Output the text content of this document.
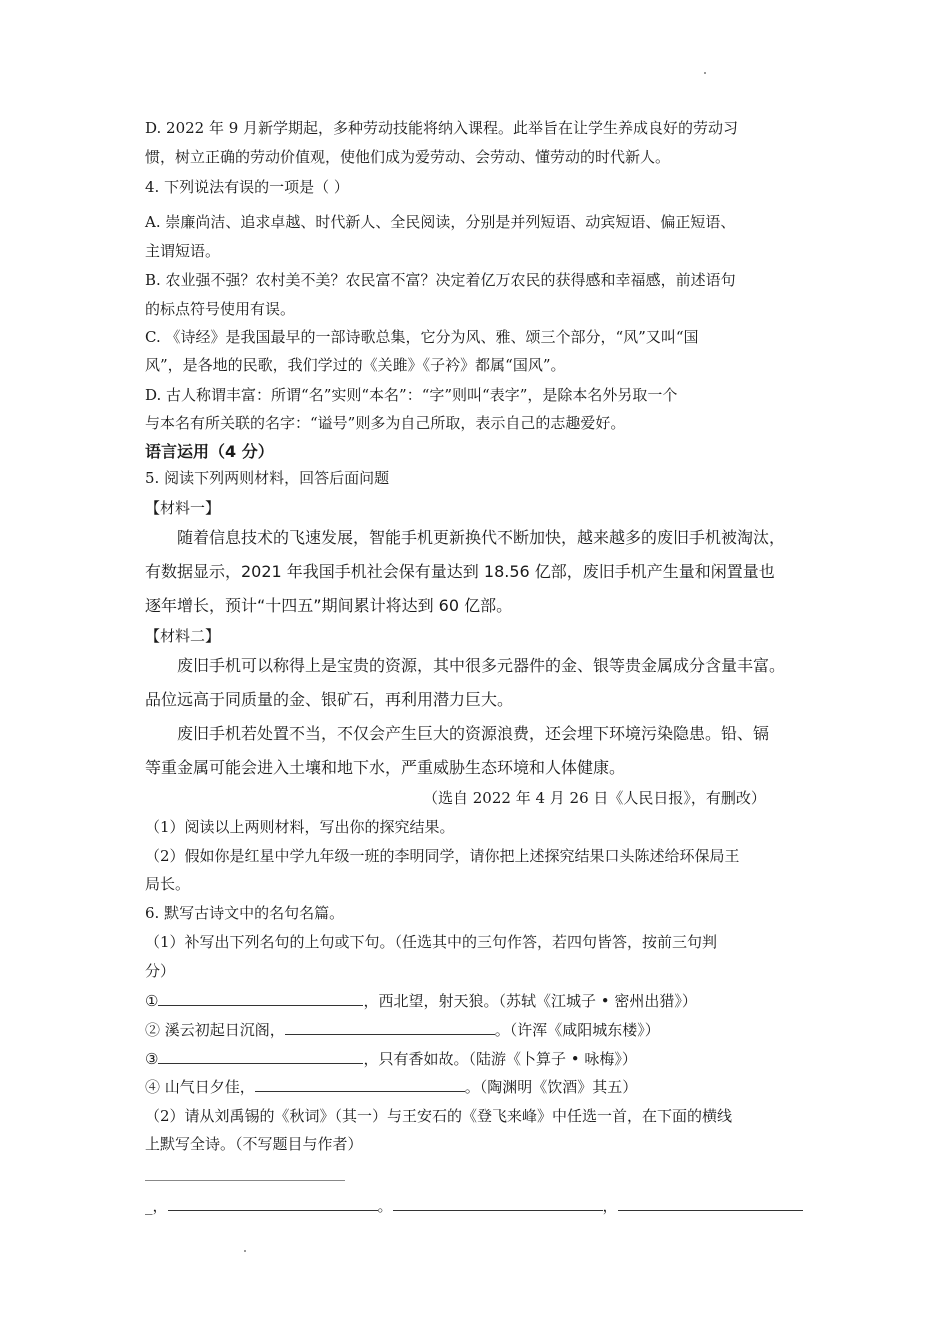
D. 2022 年 9 月新学期起，多种劳动技能将纳入课程。此举旨在让学生养成良好的劳动习
惯，树立正确的劳动价值观，使他们成为爱劳动、会劳动、懂劳动的时代新人。
4. 下列说法有误的一项是（ ）
A. 崇廉尚洁、追求卓越、时代新人、全民阅读，分别是并列短语、动宾短语、偏正短语、
主谓短语。
B. 农业强不强？农村美不美？农民富不富？决定着亿万农民的获得感和幸福感，前述语句
的标点符号使用有误。
C. 《诗经》是我国最早的一部诗歌总集，它分为风、雅、颂三个部分，“风”又叫“国
风”，是各地的民歌，我们学过的《关雎》《子衿》都属“国风”。
D. 古人称谓丰富：所谓“名”实则“本名”：“字”则叫“表字”，是除本名外另取一个
与本名有所关联的名字：“谥号”则多为自己所取，表示自己的志趣爱好。
语言运用（4 分）
5. 阅读下列两则材料，回答后面问题
【材料一】
随着信息技术的飞速发展，智能手机更新换代不断加快，越来越多的废旧手机被淘汰，
有数据显示，2021 年我国手机社会保有量达到 18.56 亿部，废旧手机产生量和闲置量也
逐年增长，预计“十四五”期间累计将达到 60 亿部。
【材料二】
废旧手机可以称得上是宝贵的资源，其中很多元器件的金、银等贵金属成分含量丰富。
品位远高于同质量的金、银矿石，再利用潜力巨大。
废旧手机若处置不当，不仅会产生巨大的资源浪费，还会埋下环境污染隐患。铅、镉
等重金属可能会进入土壤和地下水，严重威胁生态环境和人体健康。
（选自 2022 年 4 月 26 日《人民日报》，有删改）
（1）阅读以上两则材料，写出你的探究结果。
（2）假如你是红星中学九年级一班的李明同学，请你把上述探究结果口头陈述给环保局王
局长。
6. 默写古诗文中的名句名篇。
（1）补写出下列名句的上句或下句。（任选其中的三句作答，若四句皆答，按前三句判
分）
①	，西北望，射天狼。（苏轼《江城子 • 密州出猎》）
② 溪云初起日沉阁，	。（许浑《咸阳城东楼》）
③	，只有香如故。（陆游《卜算子 • 咏梅》）
④ 山气日夕佳，	。（陶渊明《饮酒》其五）
（2）请从刘禹锡的《秋词》（其一）与王安石的《登飞来峰》中任选一首，在下面的横线
上默写全诗。（不写题目与作者）
_，	。	，
